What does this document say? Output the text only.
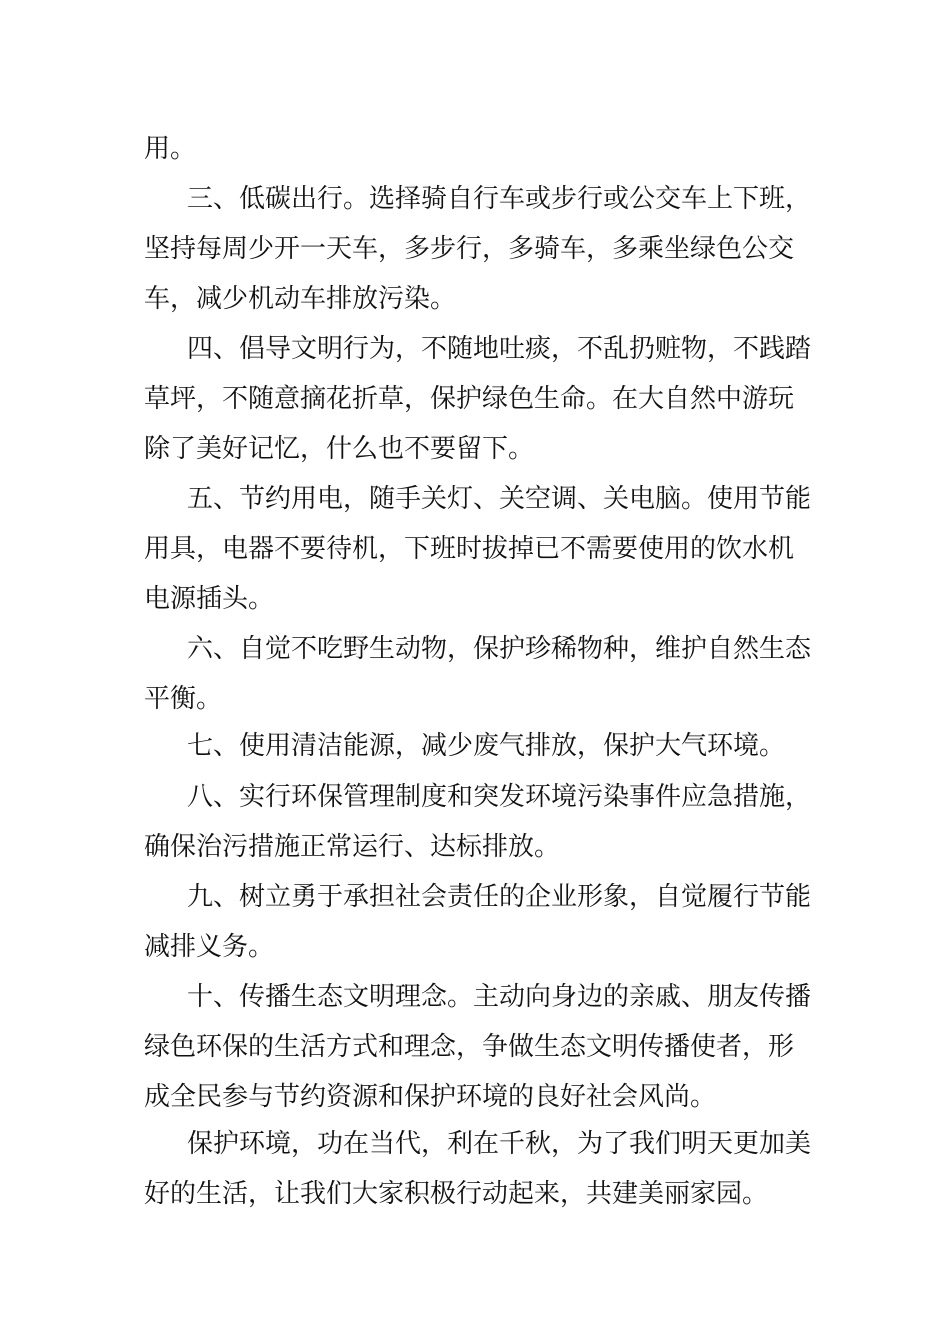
用。
三、低碳出行。选择骑自行车或步行或公交车上下班，
坚持每周少开一天车，多步行，多骑车，多乘坐绿色公交
车，减少机动车排放污染。
四、倡导文明行为，不随地吐痰，不乱扔赃物，不践踏
草坪，不随意摘花折草，保护绿色生命。在大自然中游玩
除了美好记忆，什么也不要留下。
五、节约用电，随手关灯、关空调、关电脑。使用节能
用具，电器不要待机，下班时拔掉已不需要使用的饮水机
电源插头。
六、自觉不吃野生动物，保护珍稀物种，维护自然生态
平衡。
七、使用清洁能源，减少废气排放，保护大气环境。
八、实行环保管理制度和突发环境污染事件应急措施，
确保治污措施正常运行、达标排放。
九、树立勇于承担社会责任的企业形象，自觉履行节能
减排义务。
十、传播生态文明理念。主动向身边的亲戚、朋友传播
绿色环保的生活方式和理念，争做生态文明传播使者，形
成全民参与节约资源和保护环境的良好社会风尚。
保护环境，功在当代，利在千秋，为了我们明天更加美
好的生活，让我们大家积极行动起来，共建美丽家园。
